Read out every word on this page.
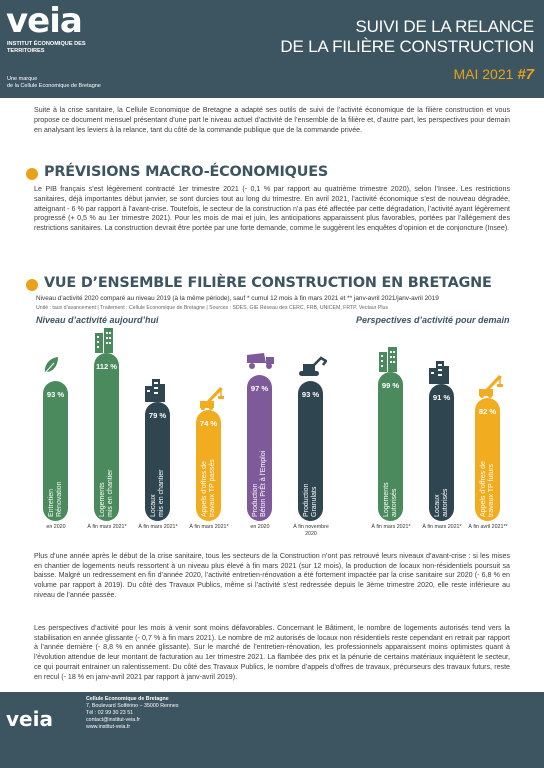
veia
INSTITUT ÉCONOMIQUE DES TERRITOIRES
Une marque
de la Cellule Economique de Bretagne
SUIVI DE LA RELANCE
DE LA FILIÈRE CONSTRUCTION
MAI 2021 #7
Suite à la crise sanitaire, la Cellule Economique de Bretagne a adapté ses outils de suivi de l’activité économique de la filière construction et vous propose ce document mensuel présentant d’une part le niveau actuel d’activité de l’ensemble de la filière et, d’autre part, les perspectives pour demain en analysant les leviers à la relance, tant du côté de la commande publique que de la commande privée.
PRÉVISIONS MACRO-ÉCONOMIQUES
Le PIB français s’est légèrement contracté 1er trimestre 2021 (- 0,1 % par rapport au quatrième trimestre 2020), selon l’Insee. Les restrictions sanitaires, déjà importantes début janvier, se sont durcies tout au long du trimestre. En avril 2021, l’activité économique s’est de nouveau dégradée, atteignant - 6 % par rapport à l’avant-crise. Toutefois, le secteur de la construction n’a pas été affectée par cette dégradation, l’activité ayant légèrement progressé (+ 0,5 % au 1er trimestre 2021). Pour les mois de mai et juin, les anticipations apparaissent plus favorables, portées par l’allégement des restrictions sanitaires. La construction devrait être portée par une forte demande, comme le suggèrent les enquêtes d’opinion et de conjoncture (Insee).
VUE D’ENSEMBLE FILIÈRE CONSTRUCTION EN BRETAGNE
Niveau d’activité 2020 comparé au niveau 2019 (à la même période), sauf * cumul 12 mois à fin mars 2021 et ** janv-avril 2021/janv-avril 2019
Unité : taux d’avancement | Traitement : Cellule Economique de Bretagne | Sources : SDES, GIE Réseau des CERC, FRB, UNICEM, FRTP, Vectaur Plus
Niveau d’activité aujourd’hui	Perspectives d’activité pour demain
93 %
Entretien Rénovation
en 2020
112 %
Logements mis en chantier
À fin mars 2021*
79 %
Locaux mis en chantier
À fin mars 2021*
74 %
Appels d’offres de travaux TP passés
À fin mars 2021*
97 %
Production Béton PrÊt à l’Emploi
en 2020
93 %
Production Granulats
À fin novembre 2020
99 %
Logements autorisés
À fin mars 2021*
91 %
Locaux autorisés
À fin mars 2021*
82 %
Appels d’offres de travaux TP futurs
À fin avril 2021**
Plus d’une année après le début de la crise sanitaire, tous les secteurs de la Construction n’ont pas retrouvé leurs niveaux d’avant-crise : si les mises en chantier de logements neufs ressortent à un niveau plus élevé à fin mars 2021 (sur 12 mois), la production de locaux non-résidentiels poursuit sa baisse. Malgré un redressement en fin d’année 2020, l’activité entretien-rénovation a été fortement impactée par la crise sanitaire sur 2020 (- 6,8 % en volume par rapport à 2019). Du côté des Travaux Publics, même si l’activité s’est redressée depuis le 3ème trimestre 2020, elle reste inférieure au niveau de l’année passée.
Les perspectives d’activité pour les mois à venir sont moins défavorables. Concernant le Bâtiment, le nombre de logements autorisés tend vers la stabilisation en année glissante (- 0,7 % à fin mars 2021). Le nombre de m2 autorisés de locaux non résidentiels reste cependant en retrait par rapport à l’année dernière (- 8,8 % en année glissante). Sur le marché de l’entretien-rénovation, les professionnels apparaissent moins optimistes quant à l’évolution attendue de leur montant de facturation au 1er trimestre 2021. La flambée des prix et la pénurie de certains matériaux inquiètent le secteur, ce qui pourrait entrainer un ralentissement. Du côté des Travaux Publics, le nombre d’appels d’offres de travaux, précurseurs des travaux futurs, reste en recul (- 18 % en janv-avril 2021 par rapport à janv-avril 2019).
veia
Cellule Economique de Bretagne
7, Boulevard Solférino – 35000 Rennes
Tél : 02 99 30 23 51
contact@institut-veia.fr
www.institut-veia.fr
